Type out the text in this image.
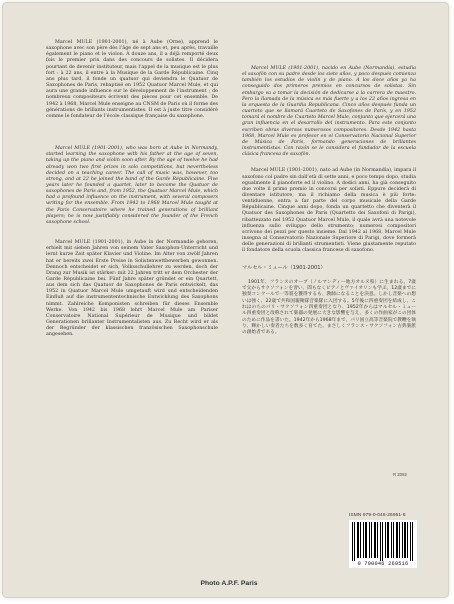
Marcel MULE (1901-2001), né à Aube (Orne), apprend le saxophone avec son père dès l’âge de sept ans et, peu après, travaille également le piano et le violon. À douze ans, il a déjà remporté deux fois le premier prix dans des concours de solistes. Il décidera pourtant de devenir instituteur, mais l’appel de la musique est le plus fort : à 22 ans, il entre à la Musique de la Garde Républicaine. Cinq ans plus tard, il fonde un quatuor qui deviendra le Quatuor de Saxophones de Paris, rebaptisé en 1952 Quatuor Marcel Mule, et qui aura une grande influence sur le développement de l’instrument ; de nombreux compositeurs écrivent des pièces pour cet ensemble. De 1942 à 1968, Marcel Mule enseigne au CNSM de Paris où il forme des générations de brillants instrumentistes. Il est à juste titre considéré comme le fondateur de l’école classique française du saxophone.

Marcel MULE (1901-2001), who was born at Aube in Normandy, started learning the saxophone with his father at the age of seven, taking up the piano and violin soon after. By the age of twelve he had already won two first prizes in solo competitions, but nevertheless decided on a teaching career. The call of music was, however, too strong, and at 22 he joined the band of the Garde Républicaine. Five years later he founded a quartet, later to become the Quatuor de saxophones de Paris and, from 1952, the Quatuor Marcel Mule, which had a profound influence on the instrument, with several composers writing for the ensemble. From 1942 to 1968 Marcel Mule taught at the Paris Conservatoire where he trained generations of brilliant players; he is now justifiably considered the founder of the French saxophone school.

Marcel MULE (1901-2001), in Aube in der Normandie geboren, erhielt mit sieben Jahren von seinem Vater Saxophon-Unterricht und lernt kurze Zeit später Klavier und Violine. Im Alter von zwölf Jahren hat er bereits zwei Erste Preise in Solistenwettbewerben gewonnen. Dennoch entscheidet er sich, Volksschullehrer zu werden, doch der Drang zur Musik ist stärker: mit 22 Jahren tritt er dem Orchester der Garde Républicaine bei. Fünf Jahre später gründet er ein Quartett, aus dem sich das Quatuor de Saxophones de Paris entwickelt, das 1952 in Quatuor Marcel Mule umgetauft wird und entscheidenden Einfluß auf die instrumententechnische Entwicklung des Saxophons nimmt. Zahlreiche Komponisten schreiben für dieses Ensemble Werke. Von 1942 bis 1968 lehrt Marcel Mule am Pariser Conservatoire National Supérieur de Musique und bildet Generationen brillanter Instrumentalisten aus. Zu Recht wird er als der Begründer der klassischen französischen Saxophonschule angesehen.

Marcel MULE (1901-2001), nacido en Aube (Normandía), estudia el saxofón con su padre desde los siete años, y poco después comienza también los estudios de violín y de piano. A los doce años ya ha conseguido dos primeros premios en concursos de solistas. Sin embargo va a tomar la decisión de dedicarse a la carrera de maestro. Pero la llamada de la música es más fuerte y a los 22 años ingresa en la orquesta de la Guardia Republicana. Cinco años después funda un cuarteto que se llamará Cuarteto de Saxofones de París, y en 1952 tomará el nombre de Cuarteto Marcel Mule, conjunto que ejercerá una gran influencia en el desarrollo del instrumento. Para este conjunto escriben obras diversos numerosos compositores. Desde 1942 hasta 1968, Marcel Mule es profesor en el Conservatorio Nacional Superior de Música de París, formando generaciones de brillantes instrumentistas. Con razón se le considera el fundador de la escuela clásica francesa de saxofón.

Marcel MULE (1901-2001), nato ad Aube (in Normandia), impara il saxofono col padre sin dall’età di sette anni, e poco tempo dopo, studia egualmente il pianoforte ed il violino. A dodici anni, ha già conseguito due volte il primo premio in concorsi per solisti. Eppure deciderà di diventare istitutore, ma il richiamo della musica è più forte: ventiduenne, entra a far parte del corpo musicale della Garde Républicaine. Cinque anni dopo, fonda un quartetto che diventerà il Quatuor des Saxophones de Paris (Quartetto dei Saxofoni di Parigi), ribattezzato nel 1952 Quatuor Marcel Mule, il quale avrà una notevole influenza sullo sviluppo dello strumento; numerosi compositori scrivono dei pezzi per questo insieme. Dal 1942 al 1968, Marcel Mule insegna al Conservatorio Nazionale Superiore di Parigi, dove formerà delle generazioni di brillanti strumentisti. Viene giustamente reputato il fondatore della scuola classica francese di saxofono.

マルセル・ミュール（1901-2001）

1901年、フランスのオーブ（ノルマンディー地方オルヌ県）に生まれる。7歳で父からサクソフォンを習い、間もなくピアノとヴァイオリンも学ぶ。12歳までに独奏コンクールで一等賞を獲得するも、教師になることを決意。しかし音楽への想いは強く、22歳で共和国親衛隊音楽隊に入団する。5年後に四重奏団を結成し、これはのちのパリ・サクソフォン四重奏団となり、1952年からはマルセル・ミュール四重奏団と改称されて楽器の発展に大きな影響を与え、多くの作曲家がこの団体のために作品を書いた。1942年から1968年まで、パリ国立高等音楽院で教鞭を執り、輝かしい奏者たちを数多く育てた。まさしくフランス・サクソフォン古典楽派の創始者である。

R 2082
ISMN 979-0-046-26951-6
9 790046 269516
Photo A.P.F. Paris
